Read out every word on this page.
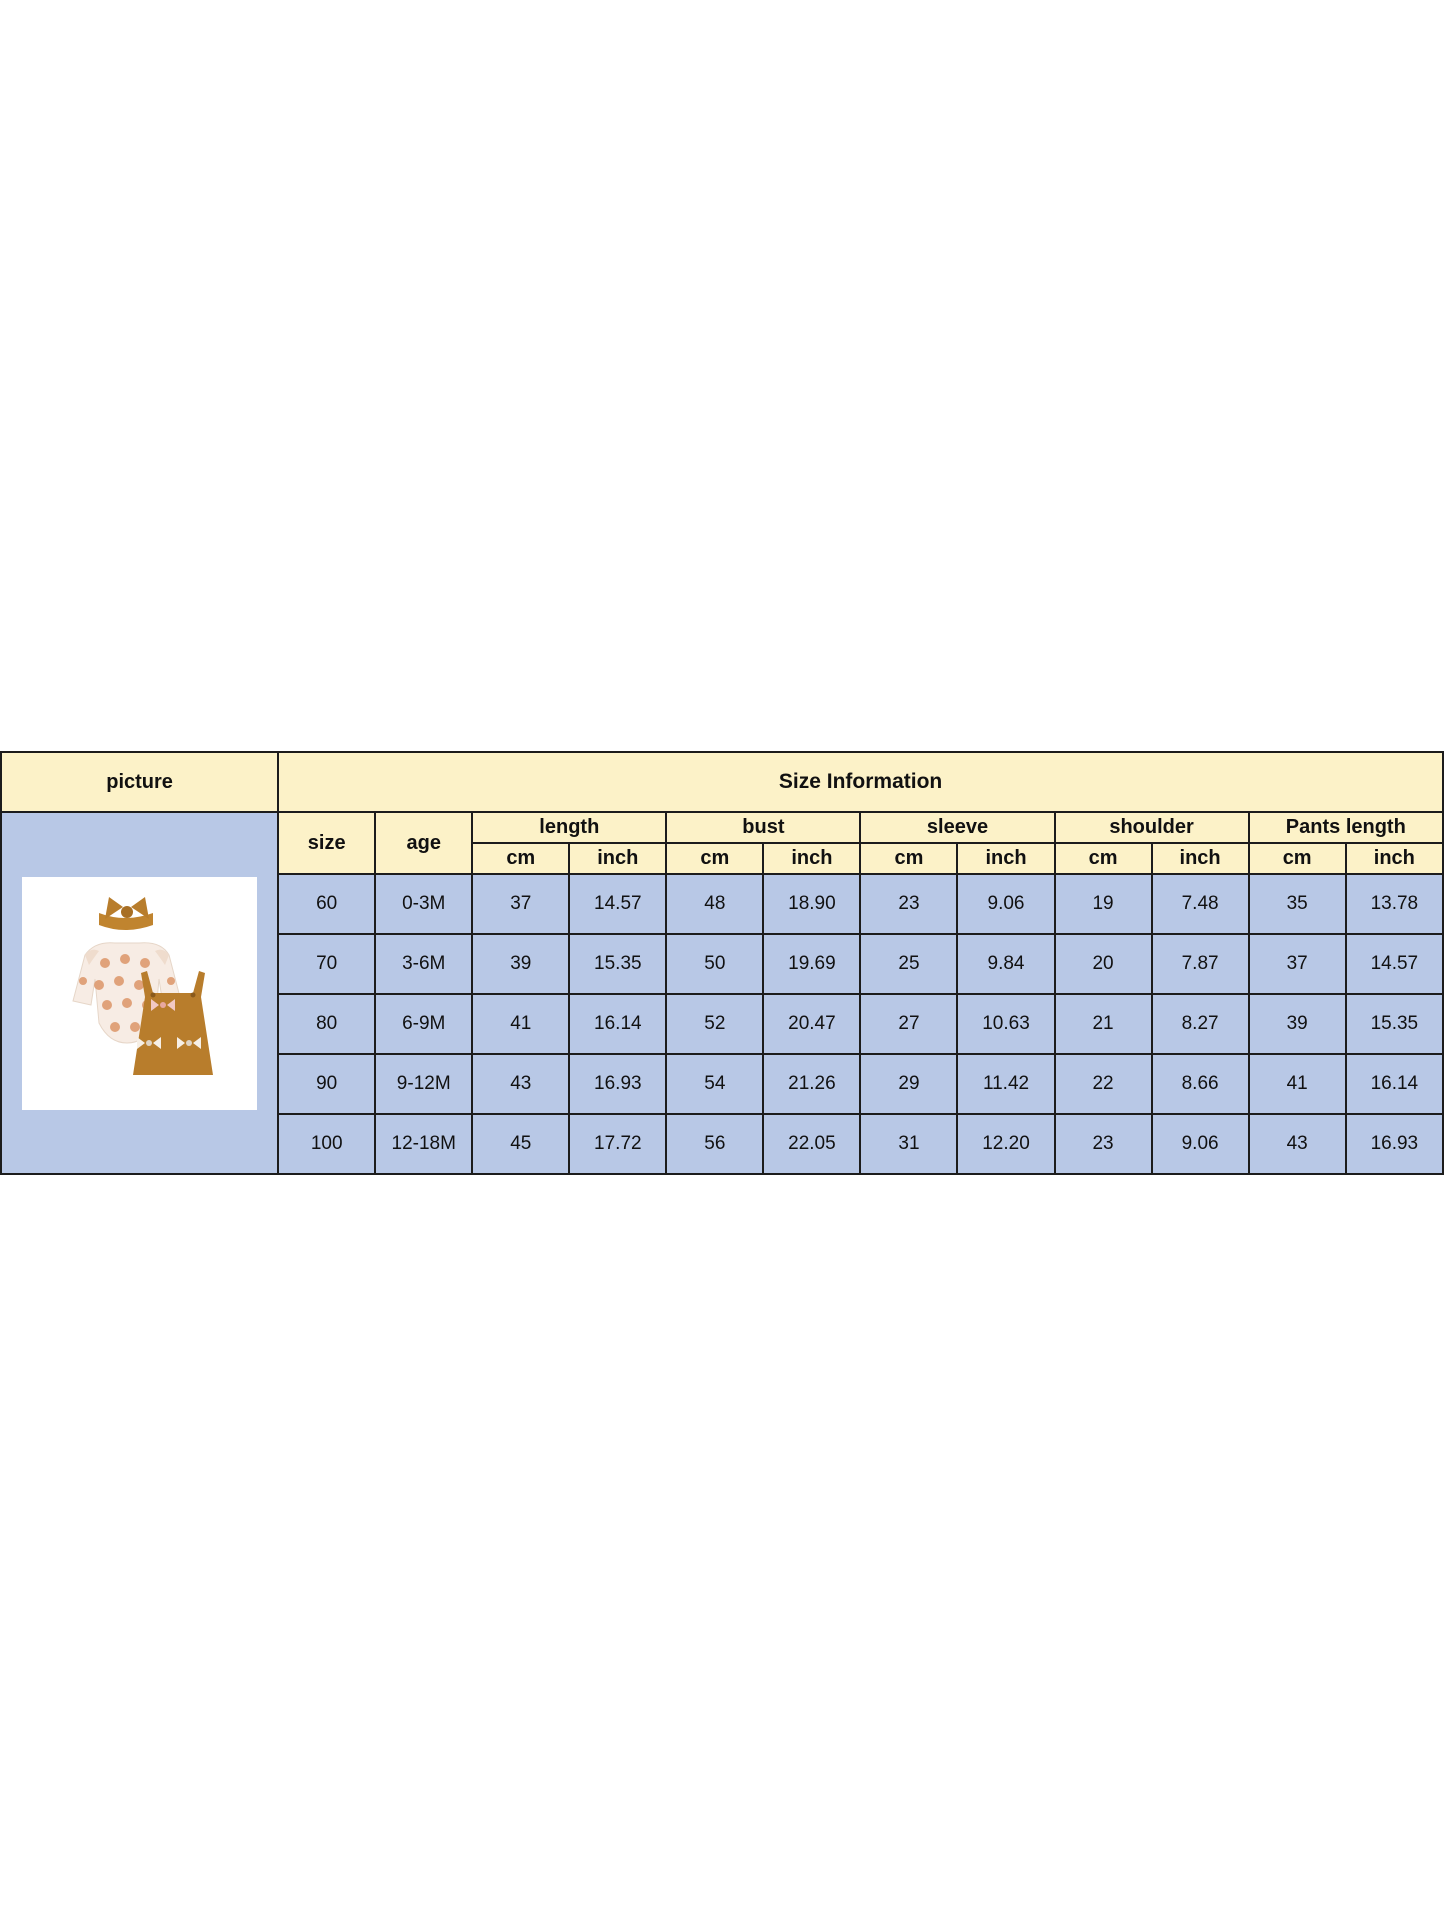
picture	Size Information											

	size	age	length		bust		sleeve		shoulder		Pants length	
			cm	inch	cm	inch	cm	inch	cm	inch	cm	inch
	60	0-3M	37	14.57	48	18.90	23	9.06	19	7.48	35	13.78
	70	3-6M	39	15.35	50	19.69	25	9.84	20	7.87	37	14.57
	80	6-9M	41	16.14	52	20.47	27	10.63	21	8.27	39	15.35
	90	9-12M	43	16.93	54	21.26	29	11.42	22	8.66	41	16.14
	100	12-18M	45	17.72	56	22.05	31	12.20	23	9.06	43	16.93
